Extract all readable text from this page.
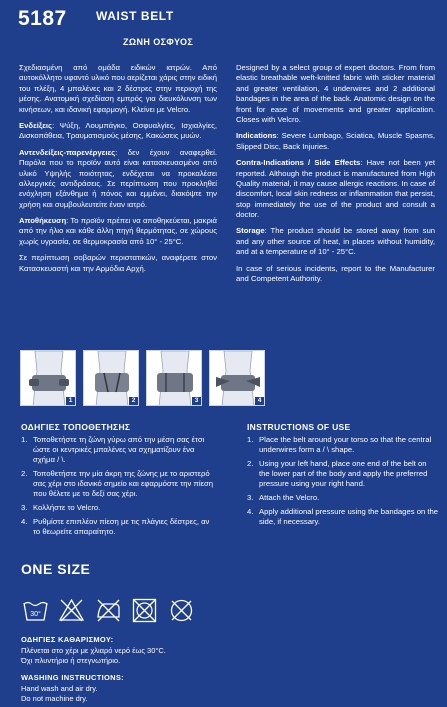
5187 WAIST BELT
ΖΩΝΗ ΟΣΦΥΟΣ

Σχεδιασμένη από ομάδα ειδικών ιατρών. Από αυτοκόλλητο υφαντό υλικό που αερίζεται χάρις στην ειδική του πλέξη, 4 μπαλένες και 2 δέστρες στην περιοχή της μέσης. Ανατομική σχεδίαση εμπρός για διευκόλυνση των κινήσεων, και ιδανική εφαρμογή. Κλείνει με Velcro.

Ενδείξεις: Ψύξη, Λουμπάγκο, Οσφυαλγίες, Ισχιαλγίες, Δισκοπάθεια, Τραυματισμούς μέσης, Κακώσεις μυών.

Αντενδείξεις-παρενέργειες: δεν έχουν αναφερθεί. Παρόλα που το προϊόν αυτό είναι κατασκευασμένο από υλικό Υψηλής ποιότητας, ενδέχεται να προκαλέσει αλλεργικές αντιδράσεις. Σε περίπτωση που προκληθεί ενόχληση εξάνθημα ή πόνος και εμμένει, διακόψτε την χρήση και συμβουλευτείτε έναν ιατρό.

Αποθήκευση: Το προϊόν πρέπει να αποθηκεύεται, μακριά από την ήλιο και κάθε άλλη πηγή θερμότητας, σε χώρους χωρίς υγρασία, σε θερμοκρασία από 10° - 25°C.

Σε περίπτωση σοβαρών περιστατικών, αναφέρετε στον Κατασκευαστή και την Αρμόδια Αρχή.

Designed by a select group of expert doctors. From from elastic breathable weft-knitted fabric with sticker material and greater ventilation, 4 underwires and 2 additional bandages in the area of the back. Anatomic design on the front for ease of movements and greater application. Closes with Velcro.

Indications: Severe Lumbago, Sciatica, Muscle Spasms, Slipped Disc, Back Injuries.

Contra-Indications / Side Effects: Have not been yet reported. Although the product is manufactured from High Quality material, it may cause allergic reactions. In case of discomfort, local skin redness or inflammation that persist, stop immediately the use of the product and consult a doctor.

Storage: The product should be stored away from sun and any other source of heat, in places without humidity, and at a temperature of 10° - 25°C.

In case of serious incidents, report to the Manufacturer and Competent Authority.

1	2	3	4
ΟΔΗΓΙΕΣ ΤΟΠΟΘΕΤΗΣΗΣ
1. Τοποθετήστε τη ζώνη γύρω από την μέση σας έτσι ώστε οι κεντρικές μπαλένες να σχηματίζουν ένα σχήμα / \.
2. Τοποθετήστε την μία άκρη της ζώνης με το αριστερό σας χέρι στο ιδανικό σημείο και εφαρμόστε την πίεση που θέλετε με το δεξί σας χέρι.
3. Κολλήστε το Velcro.
4. Ρυθμίστε επιπλέον πίεση με τις πλάγιες δέστρες, αν το θεωρείτε απαραίτητο.
INSTRUCTIONS OF USE
1. Place the belt around your torso so that the central underwires form a / \ shape.
2. Using your left hand, place one end of the belt on the lower part of the body and apply the preferred pressure using your right hand.
3. Attach the Velcro.
4. Apply additional pressure using the bandages on the side, if necessary.
ONE SIZE
30°
ΟΔΗΓΙΕΣ ΚΑΘΑΡΙΣΜΟΥ:
Πλένεται στο χέρι με χλιαρό νερό έως 30°C.
Όχι πλυντήριο ή στεγνωτήριο.
WASHING INSTRUCTIONS:
Hand wash and air dry.
Do not machine dry.
